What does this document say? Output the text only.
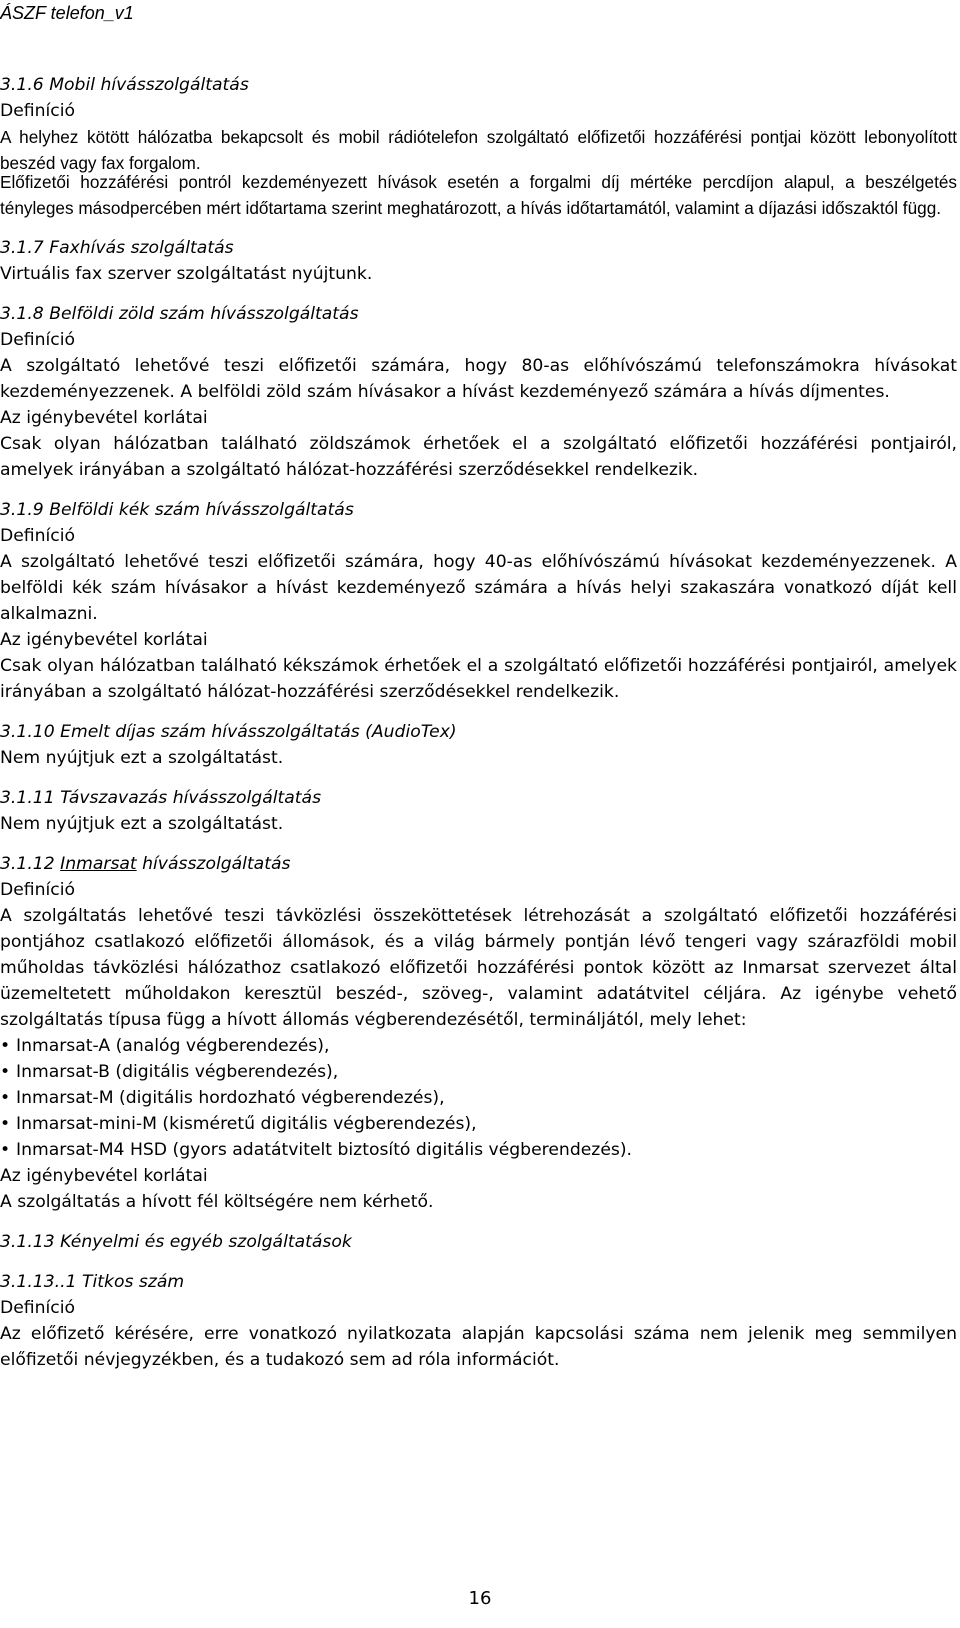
ÁSZF telefon_v1

3.1.6 Mobil hívásszolgáltatás

Definíció

A helyhez kötött hálózatba bekapcsolt és mobil rádiótelefon szolgáltató előfizetői hozzáférési pontjai között lebonyolított beszéd vagy fax forgalom.

Előfizetői hozzáférési pontról kezdeményezett hívások esetén a forgalmi díj mértéke percdíjon alapul, a beszélgetés tényleges másodpercében mért időtartama szerint meghatározott, a hívás időtartamától, valamint a díjazási időszaktól függ.

3.1.7 Faxhívás szolgáltatás

Virtuális fax szerver szolgáltatást nyújtunk.

3.1.8 Belföldi zöld szám hívásszolgáltatás

Definíció

A szolgáltató lehetővé teszi előfizetői számára, hogy 80-as előhívószámú telefonszámokra hívásokat kezdeményezzenek. A belföldi zöld szám hívásakor a hívást kezdeményező számára a hívás díjmentes.

Az igénybevétel korlátai

Csak olyan hálózatban található zöldszámok érhetőek el a szolgáltató előfizetői hozzáférési pontjairól, amelyek irányában a szolgáltató hálózat-hozzáférési szerződésekkel rendelkezik.

3.1.9 Belföldi kék szám hívásszolgáltatás

Definíció

A szolgáltató lehetővé teszi előfizetői számára, hogy 40-as előhívószámú hívásokat kezdeményezzenek. A belföldi kék szám hívásakor a hívást kezdeményező számára a hívás helyi szakaszára vonatkozó díját kell alkalmazni.

Az igénybevétel korlátai

Csak olyan hálózatban található kékszámok érhetőek el a szolgáltató előfizetői hozzáférési pontjairól, amelyek irányában a szolgáltató hálózat-hozzáférési szerződésekkel rendelkezik.

3.1.10 Emelt díjas szám hívásszolgáltatás (AudioTex)

Nem nyújtjuk ezt a szolgáltatást.

3.1.11 Távszavazás hívásszolgáltatás

Nem nyújtjuk ezt a szolgáltatást.

3.1.12 Inmarsat hívásszolgáltatás

Definíció

A szolgáltatás lehetővé teszi távközlési összeköttetések létrehozását a szolgáltató előfizetői hozzáférési pontjához csatlakozó előfizetői állomások, és a világ bármely pontján lévő tengeri vagy szárazföldi mobil műholdas távközlési hálózathoz csatlakozó előfizetői hozzáférési pontok között az Inmarsat szervezet által üzemeltetett műholdakon keresztül beszéd-, szöveg-, valamint adatátvitel céljára. Az igénybe vehető szolgáltatás típusa függ a hívott állomás végberendezésétől, termináljától, mely lehet:

• Inmarsat-A (analóg végberendezés),
• Inmarsat-B (digitális végberendezés),
• Inmarsat-M (digitális hordozható végberendezés),
• Inmarsat-mini-M (kisméretű digitális végberendezés),
• Inmarsat-M4 HSD (gyors adatátvitelt biztosító digitális végberendezés).

Az igénybevétel korlátai

A szolgáltatás a hívott fél költségére nem kérhető.

3.1.13 Kényelmi és egyéb szolgáltatások

3.1.13..1 Titkos szám

Definíció

Az előfizető kérésére, erre vonatkozó nyilatkozata alapján kapcsolási száma nem jelenik meg semmilyen előfizetői névjegyzékben, és a tudakozó sem ad róla információt.

16
